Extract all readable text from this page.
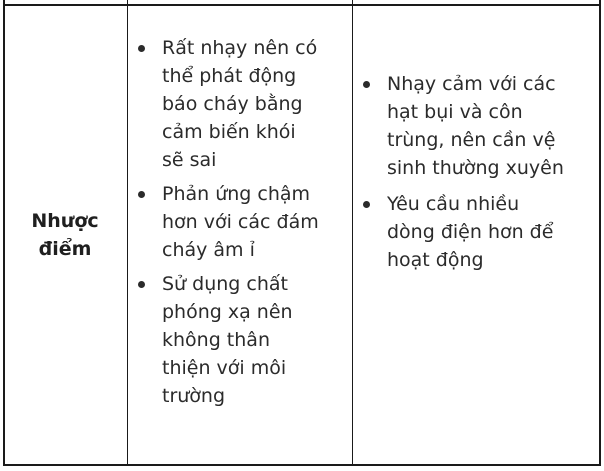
Nhược
điểm
Rất nhạy nên có
thể phát động
báo cháy bằng
cảm biến khói
sẽ sai
Phản ứng chậm
hơn với các đám
cháy âm ỉ
Sử dụng chất
phóng xạ nên
không thân
thiện với môi
trường
Nhạy cảm với các
hạt bụi và côn
trùng, nên cần vệ
sinh thường xuyên
Yêu cầu nhiều
dòng điện hơn để
hoạt động
